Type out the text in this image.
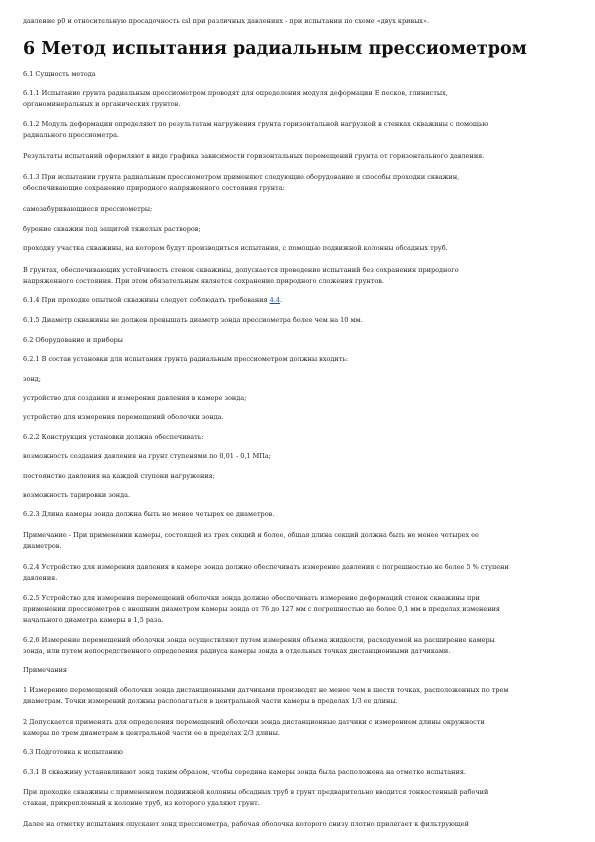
давление p0 и относительную просадочность εsl при различных давлениях - при испытании по схеме «двух кривых».
6 Метод испытания радиальным прессиометром
6.1 Сущность метода
6.1.1 Испытание грунта радиальным прессиометром проводят для определения модуля деформации E песков, глинистых,
органоминеральных и органических грунтов.
6.1.2 Модуль деформации определяют по результатам нагружения грунта горизонтальной нагрузкой в стенках скважины с помощью
радиального прессиометра.
Результаты испытаний оформляют в виде графика зависимости горизонтальных перемещений грунта от горизонтального давления.
6.1.3 При испытании грунта радиальным прессиометром применяют следующие оборудование и способы проходки скважин,
обеспечивающие сохранение природного напряженного состояния грунта:
самозабуривающиеся прессиометры;
бурение скважин под защитой тяжелых растворов;
проходку участка скважины, на котором будут производиться испытания, с помощью подвижной колонны обсадных труб.
В грунтах, обеспечивающих устойчивость стенок скважины, допускается проведение испытаний без сохранения природного
напряженного состояния. При этом обязательным является сохранение природного сложения грунтов.
6.1.4 При проходке опытной скважины следует соблюдать требования 4.4.
6.1.5 Диаметр скважины не должен превышать диаметр зонда прессиометра более чем на 10 мм.
6.2 Оборудование и приборы
6.2.1 В состав установки для испытания грунта радиальным прессиометром должны входить:
зонд;
устройство для создания и измерения давления в камере зонда;
устройство для измерения перемещений оболочки зонда.
6.2.2 Конструкция установки должна обеспечивать:
возможность создания давления на грунт ступенями по 0,01 - 0,1 МПа;
постоянство давления на каждой ступени нагружения;
возможность тарировки зонда.
6.2.3 Длина камеры зонда должна быть не менее четырех ее диаметров.
Примечание - При применении камеры, состоящей из трех секций и более, общая длина секций должна быть не менее четырех ее
диаметров.
6.2.4 Устройство для измерения давления в камере зонда должно обеспечивать измерение давления с погрешностью не более 5 % ступени
давления.
6.2.5 Устройство для измерения перемещений оболочки зонда должно обеспечивать измерение деформаций стенок скважины при
применении прессиометров с внешним диаметром камеры зонда от 76 до 127 мм с погрешностью не более 0,1 мм в пределах изменения
начального диаметра камеры в 1,5 раза.
6.2.6 Измерение перемещений оболочки зонда осуществляют путем измерения объема жидкости, расходуемой на расширение камеры
зонда, или путем непосредственного определения радиуса камеры зонда в отдельных точках дистанционными датчиками.
Примечания
1 Измерение перемещений оболочки зонда дистанционными датчиками производят не менее чем в шести точках, расположенных по трем
диаметрам. Точки измерений должны располагаться в центральной части камеры в пределах 1/3 ее длины.
2 Допускается применять для определения перемещений оболочки зонда дистанционные датчики с измерением длины окружности
камеры по трем диаметрам в центральной части ее в пределах 2/3 длины.
6.3 Подготовка к испытанию
6.3.1 В скважину устанавливают зонд таким образом, чтобы середина камеры зонда была расположена на отметке испытания.
При проходке скважины с применением подвижной колонны обсадных труб в грунт предварительно вводится тонкостенный рабочий
стакан, прикрепленный к колонне труб, из которого удаляют грунт.
Далее на отметку испытания опускают зонд прессиометра, рабочая оболочка которого снизу плотно прилегает к фильтрующей
